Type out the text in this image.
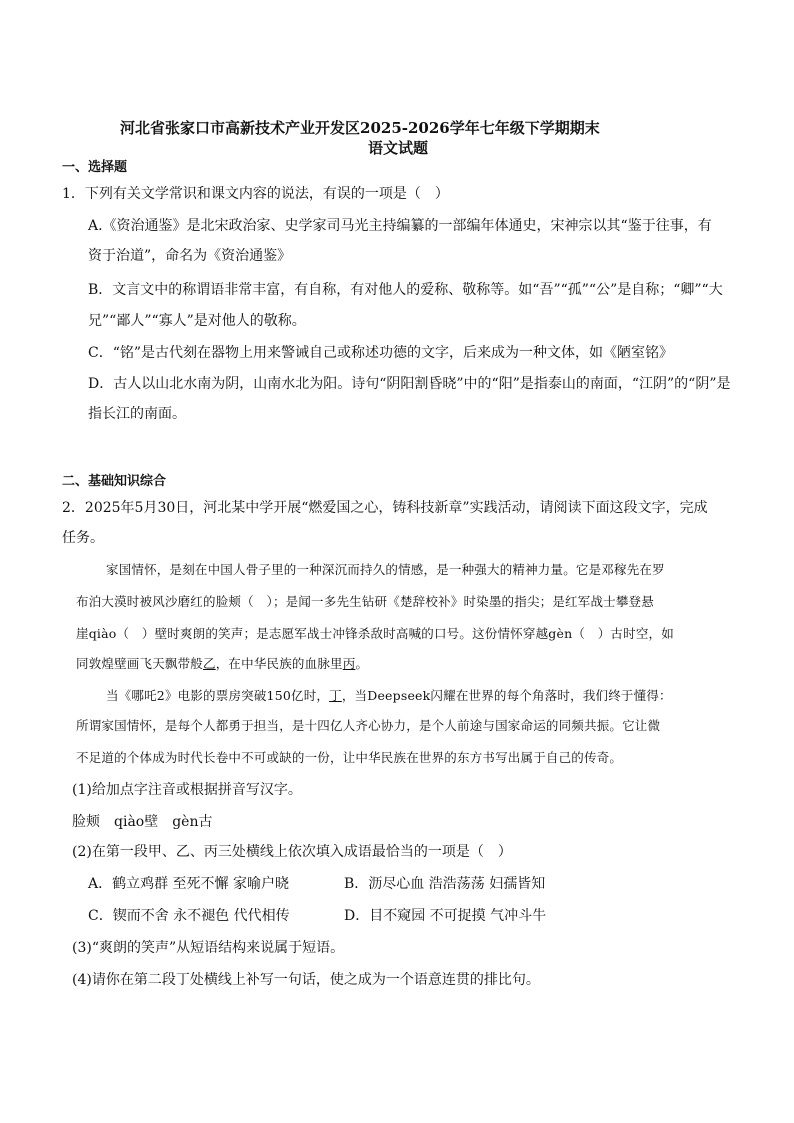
河北省张家口市高新技术产业开发区2025-2026学年七年级下学期期末
语文试题
一、选择题
1．下列有关文学常识和课文内容的说法，有误的一项是（　）
A.《资治通鉴》是北宋政治家、史学家司马光主持编纂的一部编年体通史，宋神宗以其“鉴于往事，有
资于治道”，命名为《资治通鉴》
B．文言文中的称谓语非常丰富，有自称，有对他人的爱称、敬称等。如“吾”“孤”“公”是自称；“卿”“大
兄”“鄙人”“寡人”是对他人的敬称。
C．“铭”是古代刻在器物上用来警诫自己或称述功德的文字，后来成为一种文体，如《陋室铭》
D．古人以山北水南为阴，山南水北为阳。诗句“阴阳割昏晓”中的“阳”是指泰山的南面，“江阴”的“阴”是
指长江的南面。
二、基础知识综合
2．2025年5月30日，河北某中学开展“燃爱国之心，铸科技新章”实践活动，请阅读下面这段文字，完成
任务。
家国情怀，是刻在中国人骨子里的一种深沉而持久的情感，是一种强大的精神力量。它是邓稼先在罗
布泊大漠时被风沙磨红的脸颊（　）；是闻一多先生钻研《楚辞校补》时染墨的指尖；是红军战士攀登悬
崖qiào（　）壁时爽朗的笑声；是志愿军战士冲锋杀敌时高喊的口号。这份情怀穿越gèn（　）古时空，如
同敦煌壁画飞天飘带般乙，在中华民族的血脉里丙。
当《哪吒2》电影的票房突破150亿时，丁，当Deepseek闪耀在世界的每个角落时，我们终于懂得：
所谓家国情怀，是每个人都勇于担当，是十四亿人齐心协力，是个人前途与国家命运的同频共振。它让微
不足道的个体成为时代长卷中不可或缺的一份，让中华民族在世界的东方书写出属于自己的传奇。
(1)给加点字注音或根据拼音写汉字。
脸颊　qiào壁　gèn古
(2)在第一段甲、乙、丙三处横线上依次填入成语最恰当的一项是（　）
A．鹤立鸡群 至死不懈 家喻户晓	B．沥尽心血 浩浩荡荡 妇孺皆知
C．锲而不舍 永不褪色 代代相传	D．目不窥园 不可捉摸 气冲斗牛
(3)“爽朗的笑声”从短语结构来说属于短语。
(4)请你在第二段丁处横线上补写一句话，使之成为一个语意连贯的排比句。
